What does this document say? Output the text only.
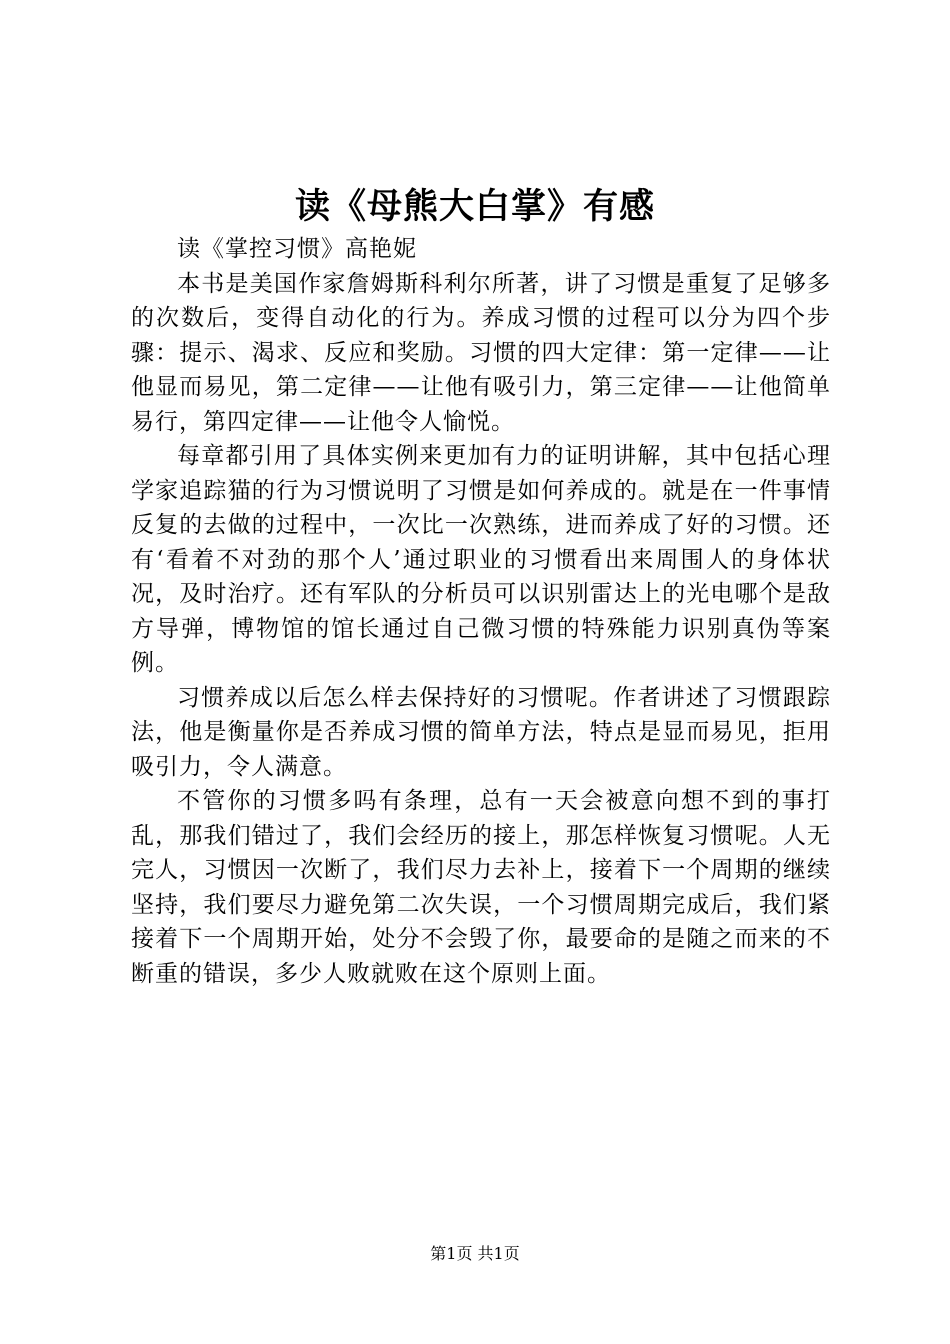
读《母熊大白掌》有感

读《掌控习惯》高艳妮

本书是美国作家詹姆斯科利尔所著，讲了习惯是重复了足够多的次数后，变得自动化的行为。养成习惯的过程可以分为四个步骤：提示、渴求、反应和奖励。习惯的四大定律：第一定律——让他显而易见，第二定律——让他有吸引力，第三定律——让他简单易行，第四定律——让他令人愉悦。

每章都引用了具体实例来更加有力的证明讲解，其中包括心理学家追踪猫的行为习惯说明了习惯是如何养成的。就是在一件事情反复的去做的过程中，一次比一次熟练，进而养成了好的习惯。还有‘看着不对劲的那个人’通过职业的习惯看出来周围人的身体状况，及时治疗。还有军队的分析员可以识别雷达上的光电哪个是敌方导弹，博物馆的馆长通过自己微习惯的特殊能力识别真伪等案例。

习惯养成以后怎么样去保持好的习惯呢。作者讲述了习惯跟踪法，他是衡量你是否养成习惯的简单方法，特点是显而易见，拒用吸引力，令人满意。

不管你的习惯多吗有条理，总有一天会被意向想不到的事打乱，那我们错过了，我们会经历的接上，那怎样恢复习惯呢。人无完人，习惯因一次断了，我们尽力去补上，接着下一个周期的继续坚持，我们要尽力避免第二次失误，一个习惯周期完成后，我们紧接着下一个周期开始，处分不会毁了你，最要命的是随之而来的不断重的错误，多少人败就败在这个原则上面。

第1页 共1页
